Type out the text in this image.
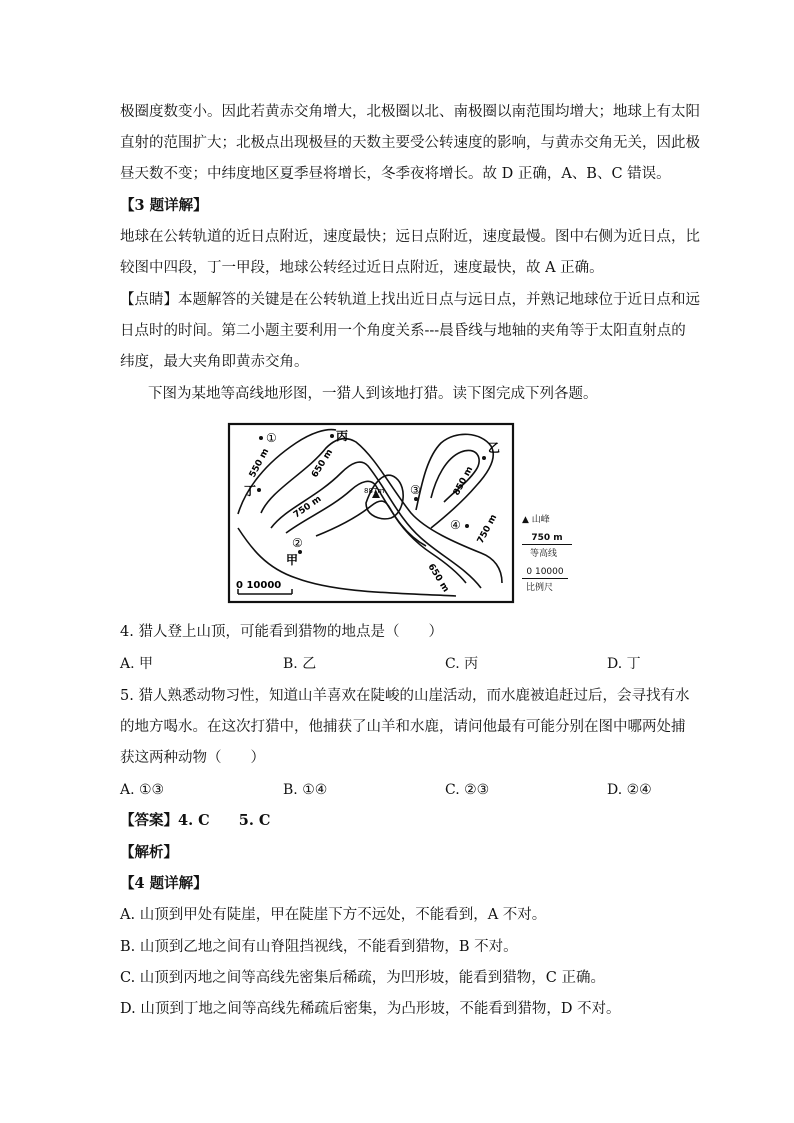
极圈度数变小。因此若黄赤交角增大，北极圈以北、南极圈以南范围均增大；地球上有太阳
直射的范围扩大；北极点出现极昼的天数主要受公转速度的影响，与黄赤交角无关，因此极
昼天数不变；中纬度地区夏季昼将增长，冬季夜将增长。故 D 正确，A、B、C 错误。
【3 题详解】
地球在公转轨道的近日点附近，速度最快；远日点附近，速度最慢。图中右侧为近日点，比
较图中四段，丁一甲段，地球公转经过近日点附近，速度最快，故 A 正确。
【点睛】本题解答的关键是在公转轨道上找出近日点与远日点，并熟记地球位于近日点和远
日点时的时间。第二小题主要利用一个角度关系---晨昏线与地轴的夹角等于太阳直射点的
纬度，最大夹角即黄赤交角。
下图为某地等高线地形图，一猎人到该地打猎。读下图完成下列各题。
①	丙
乙
丁
甲
②
③
④
550 m	650 m
750 m
850 m
750 m
650 m
887m
0 10000
▲ 山峰
750 m
等高线
0 10000
比例尺
4. 猎人登上山顶，可能看到猎物的地点是（　　）
A. 甲	B. 乙	C. 丙	D. 丁
5. 猎人熟悉动物习性，知道山羊喜欢在陡峻的山崖活动，而水鹿被追赶过后，会寻找有水
的地方喝水。在这次打猎中，他捕获了山羊和水鹿，请问他最有可能分别在图中哪两处捕
获这两种动物（　　）
A. ①③	B. ①④	C. ②③	D. ②④
【答案】4. C　　5. C
【解析】
【4 题详解】
A. 山顶到甲处有陡崖，甲在陡崖下方不远处，不能看到，A 不对。
B. 山顶到乙地之间有山脊阻挡视线，不能看到猎物，B 不对。
C. 山顶到丙地之间等高线先密集后稀疏，为凹形坡，能看到猎物，C 正确。
D. 山顶到丁地之间等高线先稀疏后密集，为凸形坡，不能看到猎物，D 不对。
